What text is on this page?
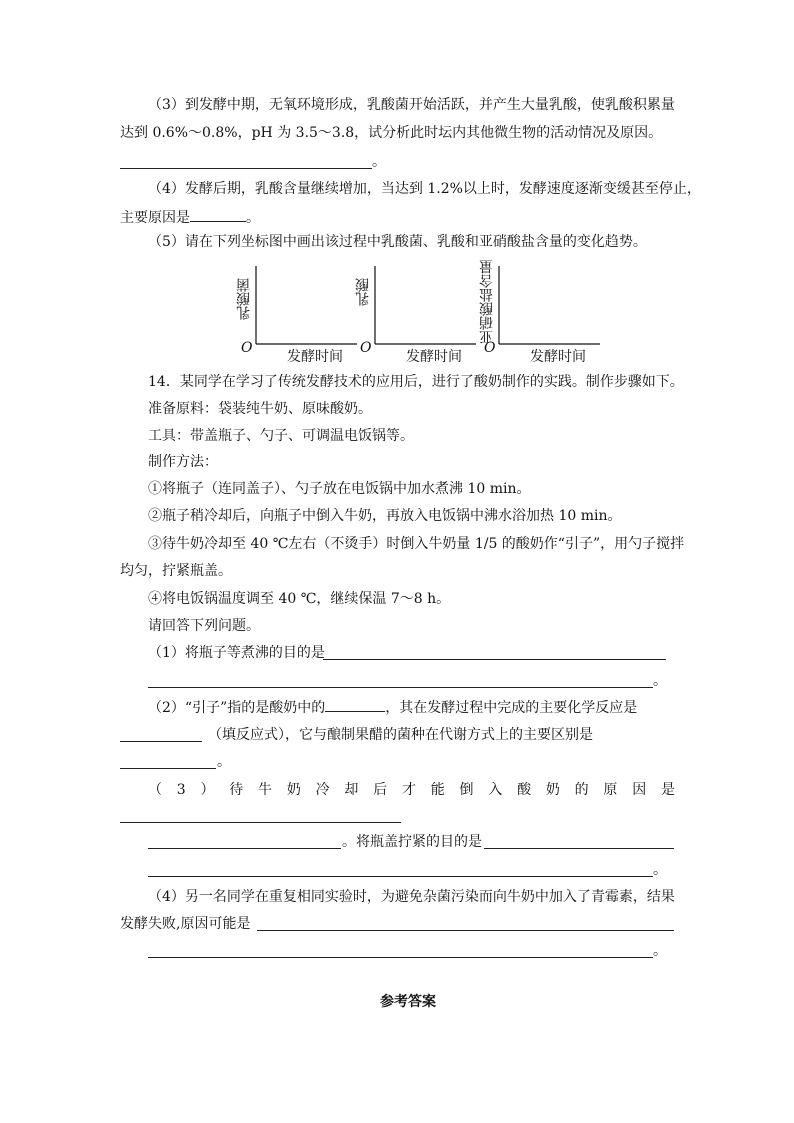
（3）到发酵中期，无氧环境形成，乳酸菌开始活跃，并产生大量乳酸，使乳酸积累量
达到 0.6%～0.8%，pH 为 3.5～3.8，试分析此时坛内其他微生物的活动情况及原因。
。
（4）发酵后期，乳酸含量继续增加，当达到 1.2%以上时，发酵速度逐渐变缓甚至停止，
主要原因是	。
（5）请在下列坐标图中画出该过程中乳酸菌、乳酸和亚硝酸盐含量的变化趋势。
乳酸菌
O
发酵时间
乳酸
O
发酵时间
亚硝酸盐含量
O
发酵时间
14．某同学在学习了传统发酵技术的应用后，进行了酸奶制作的实践。制作步骤如下。
准备原料：袋装纯牛奶、原味酸奶。
工具：带盖瓶子、勺子、可调温电饭锅等。
制作方法：
①将瓶子（连同盖子）、勺子放在电饭锅中加水煮沸 10 min。
②瓶子稍冷却后，向瓶子中倒入牛奶，再放入电饭锅中沸水浴加热 10 min。
③待牛奶冷却至 40 ℃左右（不烫手）时倒入牛奶量 1/5 的酸奶作“引子”，用勺子搅拌
均匀，拧紧瓶盖。
④将电饭锅温度调至 40 ℃，继续保温 7～8 h。
请回答下列问题。
（1）将瓶子等煮沸的目的是
。
（2）“引子”指的是酸奶中的	，其在发酵过程中完成的主要化学反应是
（填反应式），它与酿制果醋的菌种在代谢方式上的主要区别是
。
（ 3 ） 待 牛 奶 冷 却 后 才 能 倒 入 酸 奶 的 原 因 是
。将瓶盖拧紧的目的是
。
（4）另一名同学在重复相同实验时，为避免杂菌污染而向牛奶中加入了青霉素，结果
发酵失败,原因可能是
。
参考答案
